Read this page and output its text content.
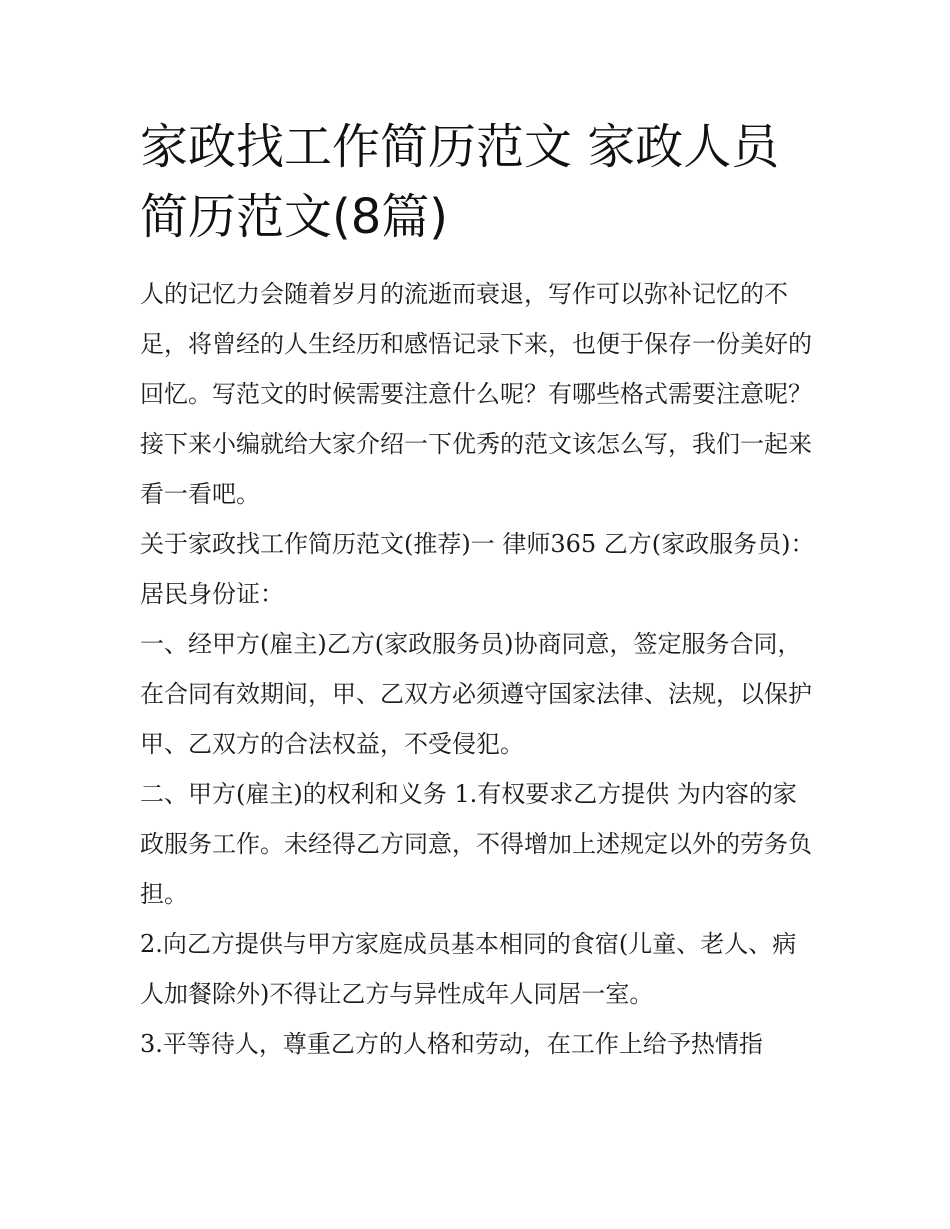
家政找工作简历范文 家政人员简历范文(8篇)

人的记忆力会随着岁月的流逝而衰退，写作可以弥补记忆的不足，将曾经的人生经历和感悟记录下来，也便于保存一份美好的回忆。写范文的时候需要注意什么呢？有哪些格式需要注意呢？接下来小编就给大家介绍一下优秀的范文该怎么写，我们一起来看一看吧。

关于家政找工作简历范文(推荐)一 律师365 乙方(家政服务员)： 居民身份证：

一、经甲方(雇主)乙方(家政服务员)协商同意，签定服务合同，在合同有效期间，甲、乙双方必须遵守国家法律、法规，以保护甲、乙双方的合法权益，不受侵犯。

二、甲方(雇主)的权利和义务 1.有权要求乙方提供 为内容的家政服务工作。未经得乙方同意，不得增加上述规定以外的劳务负担。

2.向乙方提供与甲方家庭成员基本相同的食宿(儿童、老人、病人加餐除外)不得让乙方与异性成年人同居一室。

3.平等待人，尊重乙方的人格和劳动，在工作上给予热情指
